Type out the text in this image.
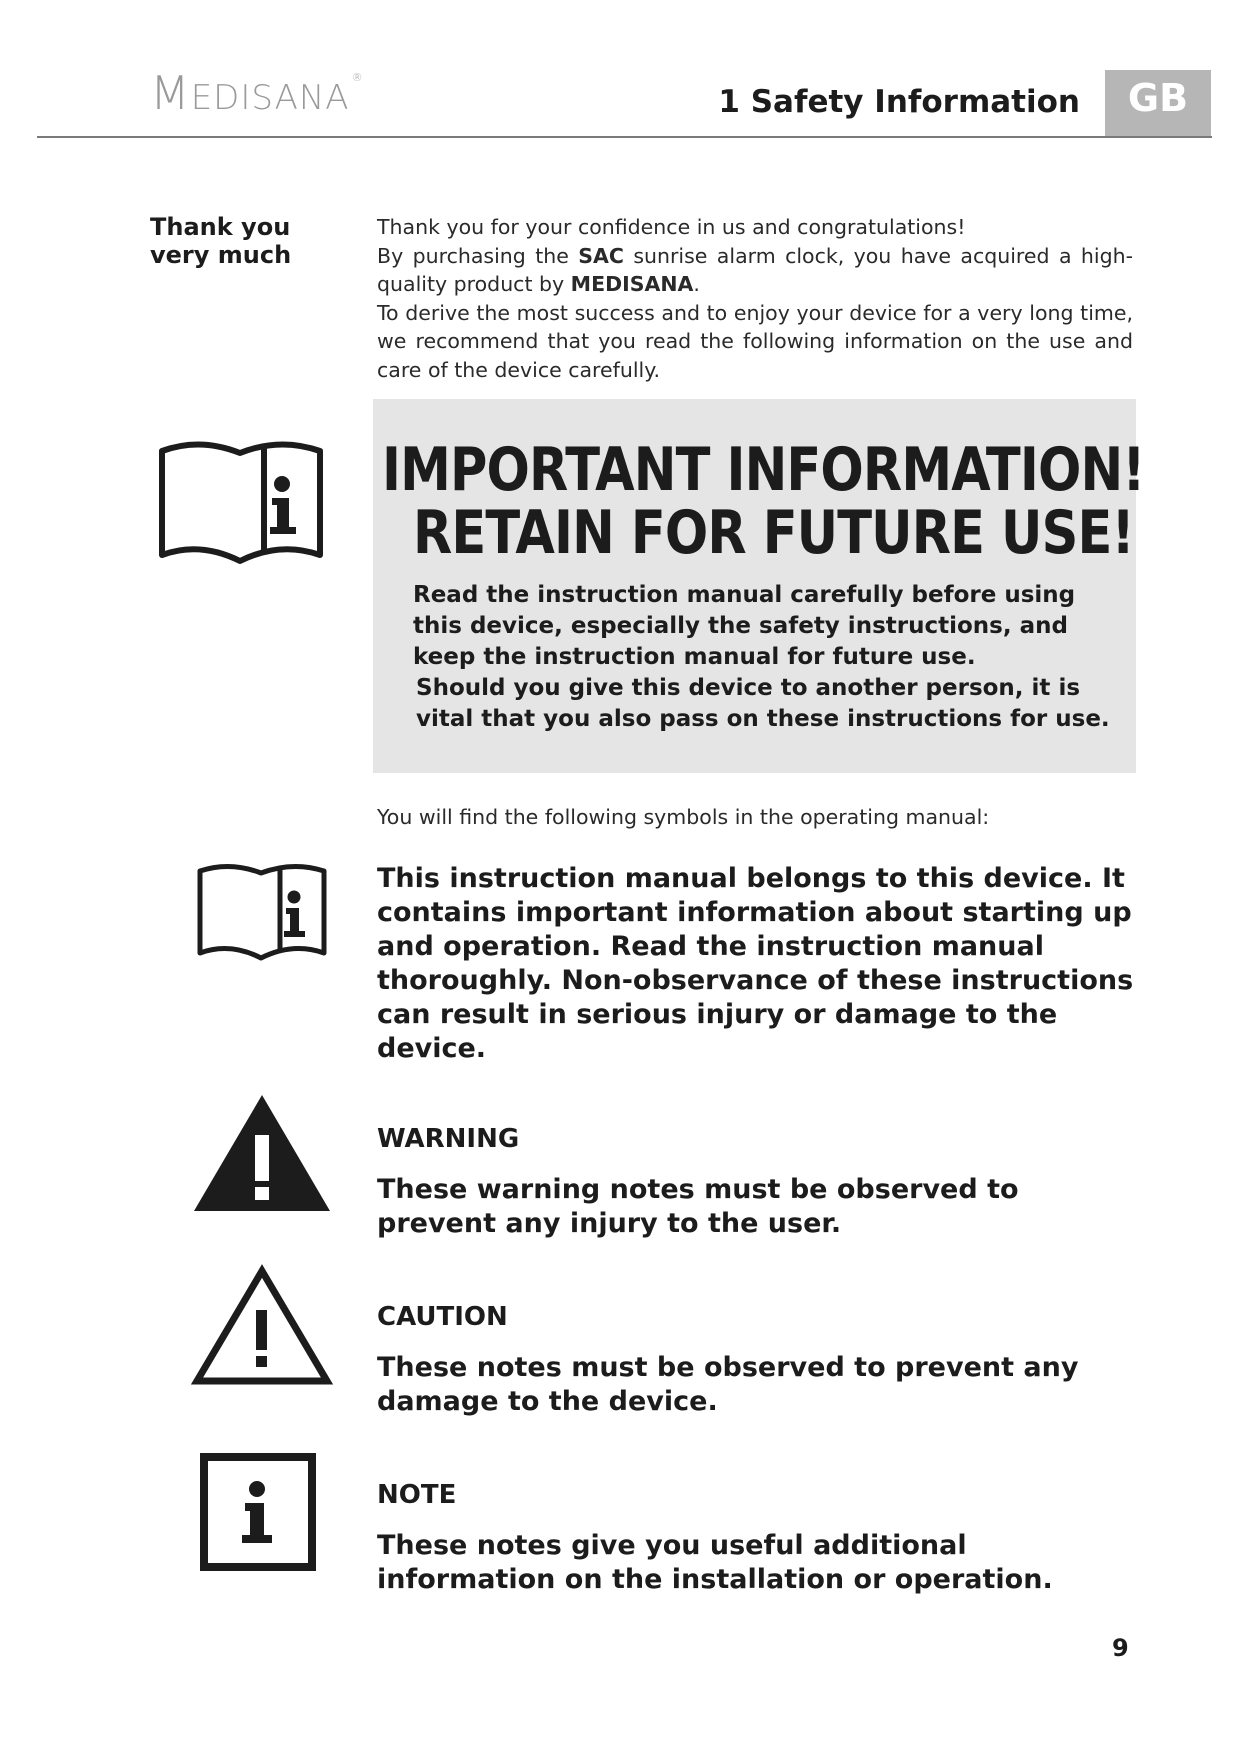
MEDISANA®
1 Safety Information	GB
Thank you
very much

Thank you for your confidence in us and congratulations!

By purchasing the SAC sunrise alarm clock, you have acquired a high-quality product by MEDISANA.

To derive the most success and to enjoy your device for a very long time, we recommend that you read the following information on the use and care of the device carefully.

IMPORTANT INFORMATION!
RETAIN FOR FUTURE USE!
Read the instruction manual carefully before using this device, especially the safety instructions, and keep the instruction manual for future use.
Should you give this device to another person, it is vital that you also pass on these instructions for use.
You will find the following symbols in the operating manual:
This instruction manual belongs to this device. It contains important information about starting up and operation. Read the instruction manual thoroughly. Non-observance of these instructions can result in serious injury or damage to the device.
WARNING
These warning notes must be observed to prevent any injury to the user.
CAUTION
These notes must be observed to prevent any damage to the device.
NOTE
These notes give you useful additional information on the installation or operation.
9
